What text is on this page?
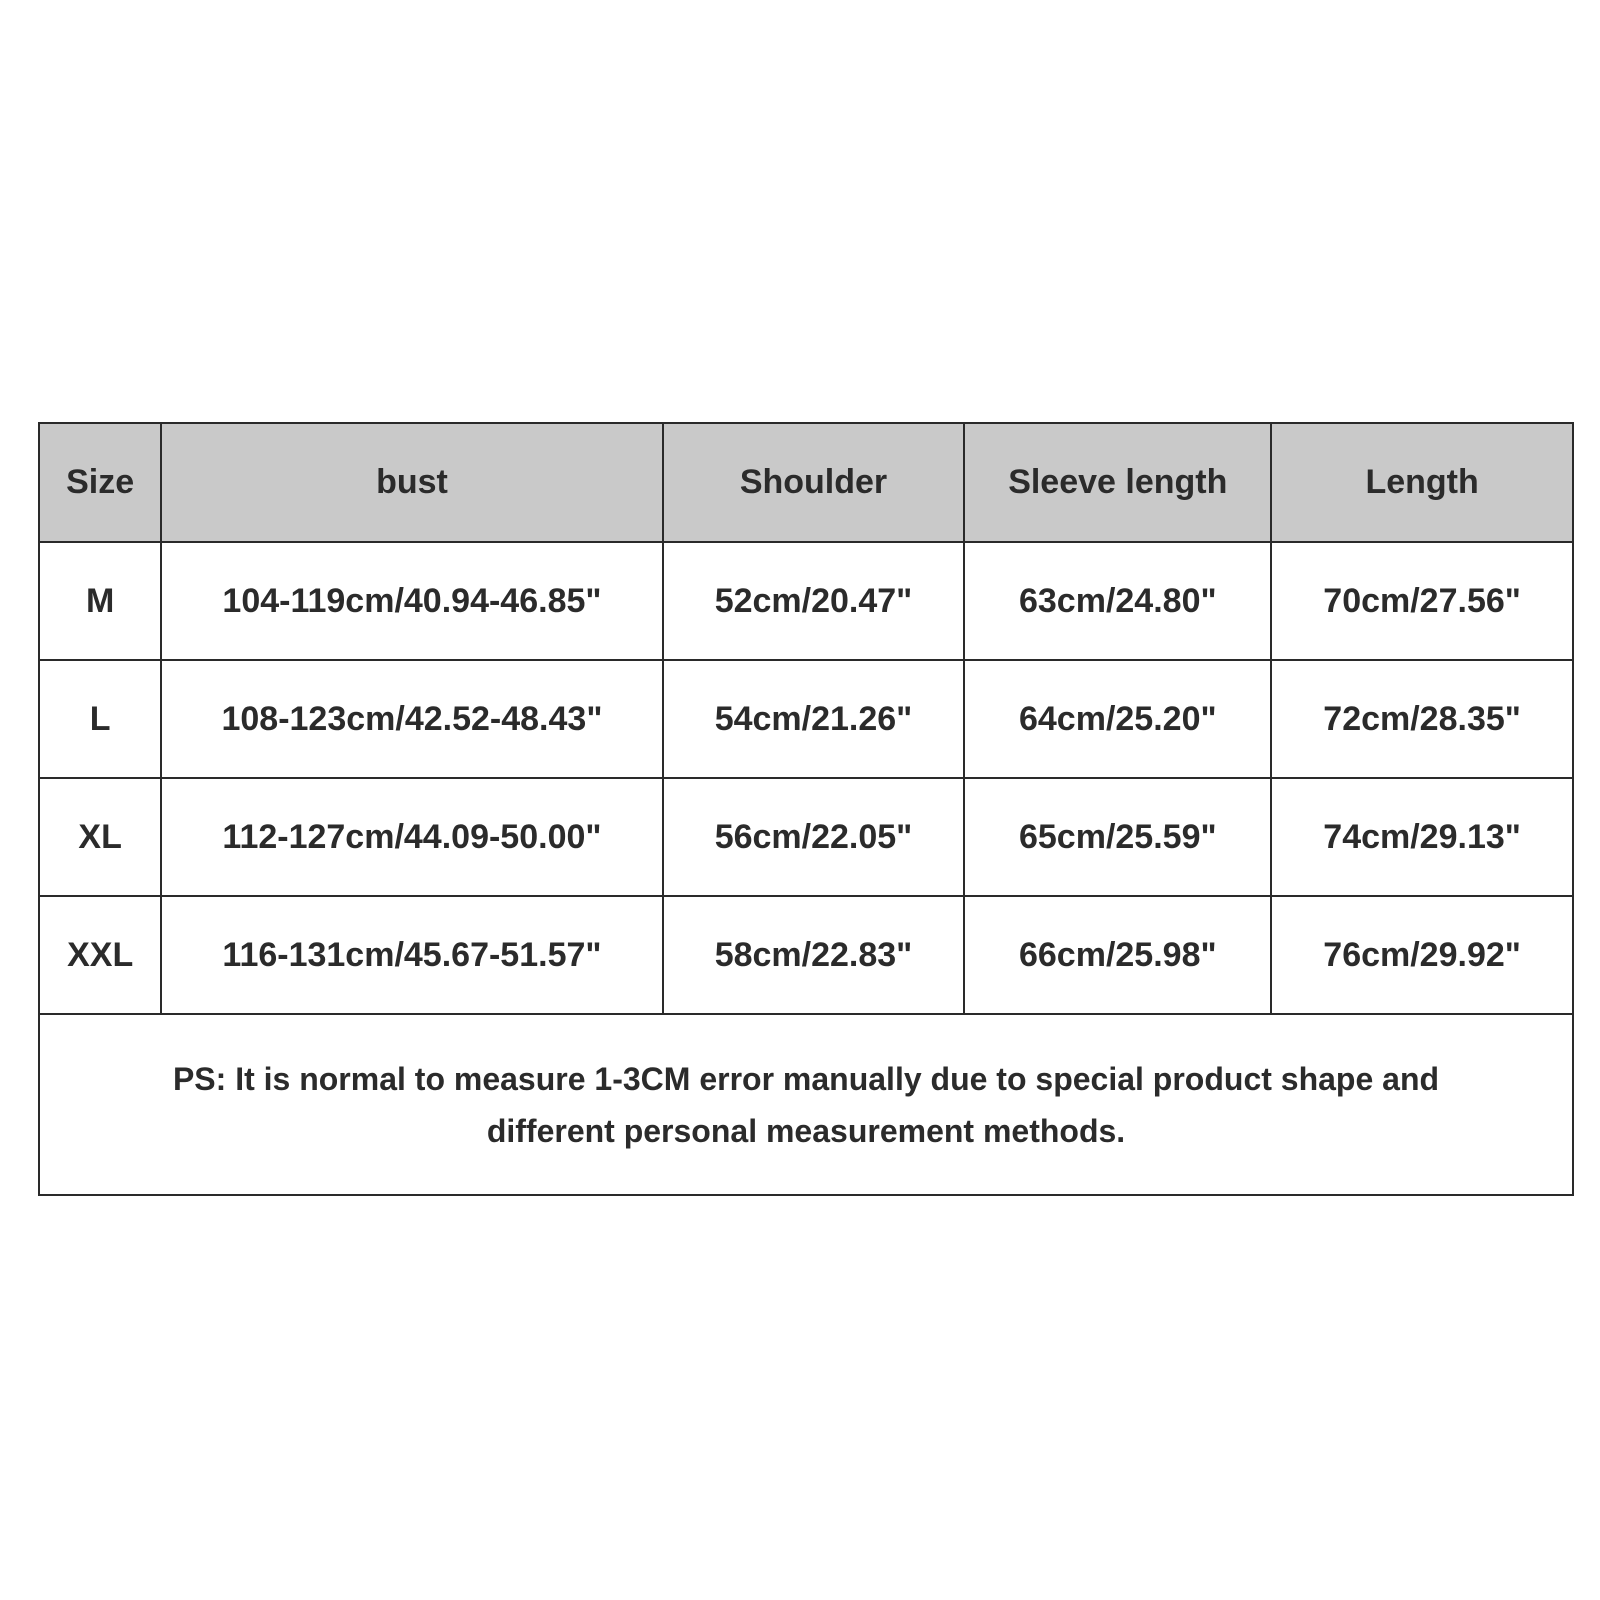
Size	bust	Shoulder	Sleeve length	Length
M	104-119cm/40.94-46.85"	52cm/20.47"	63cm/24.80"	70cm/27.56"
L	108-123cm/42.52-48.43"	54cm/21.26"	64cm/25.20"	72cm/28.35"
XL	112-127cm/44.09-50.00"	56cm/22.05"	65cm/25.59"	74cm/29.13"
XXL	116-131cm/45.67-51.57"	58cm/22.83"	66cm/25.98"	76cm/29.92"
PS: It is normal to measure 1-3CM error manually due to special product shape and
different personal measurement methods.				
